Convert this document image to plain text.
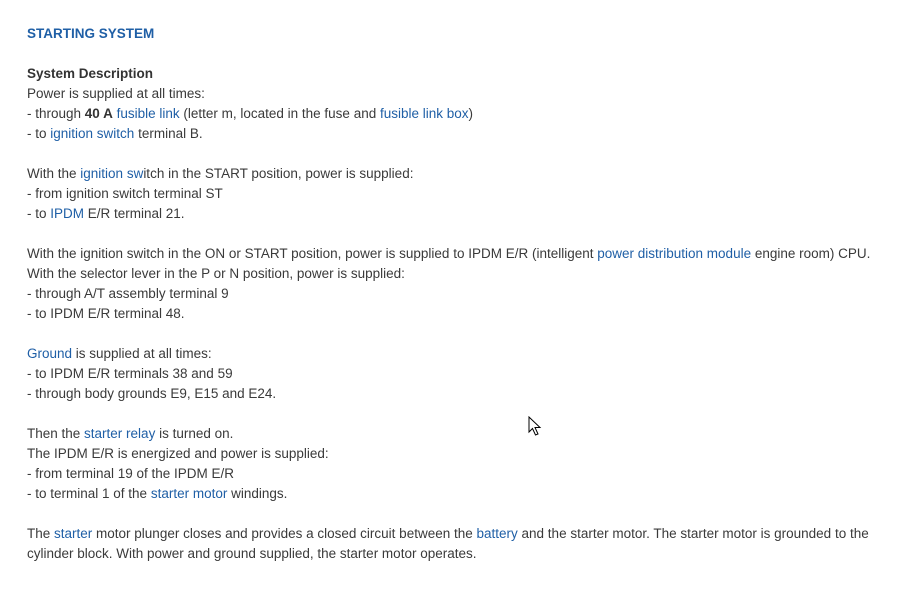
STARTING SYSTEM
System Description
Power is supplied at all times:
- through 40 A fusible link (letter m, located in the fuse and fusible link box)
- to ignition switch terminal B.
With the ignition switch in the START position, power is supplied:
- from ignition switch terminal ST
- to IPDM E/R terminal 21.
With the ignition switch in the ON or START position, power is supplied to IPDM E/R (intelligent power distribution module engine room) CPU.
With the selector lever in the P or N position, power is supplied:
- through A/T assembly terminal 9
- to IPDM E/R terminal 48.
Ground is supplied at all times:
- to IPDM E/R terminals 38 and 59
- through body grounds E9, E15 and E24.
Then the starter relay is turned on.
The IPDM E/R is energized and power is supplied:
- from terminal 19 of the IPDM E/R
- to terminal 1 of the starter motor windings.
The starter motor plunger closes and provides a closed circuit between the battery and the starter motor. The starter motor is grounded to the cylinder block. With power and ground supplied, the starter motor operates.
